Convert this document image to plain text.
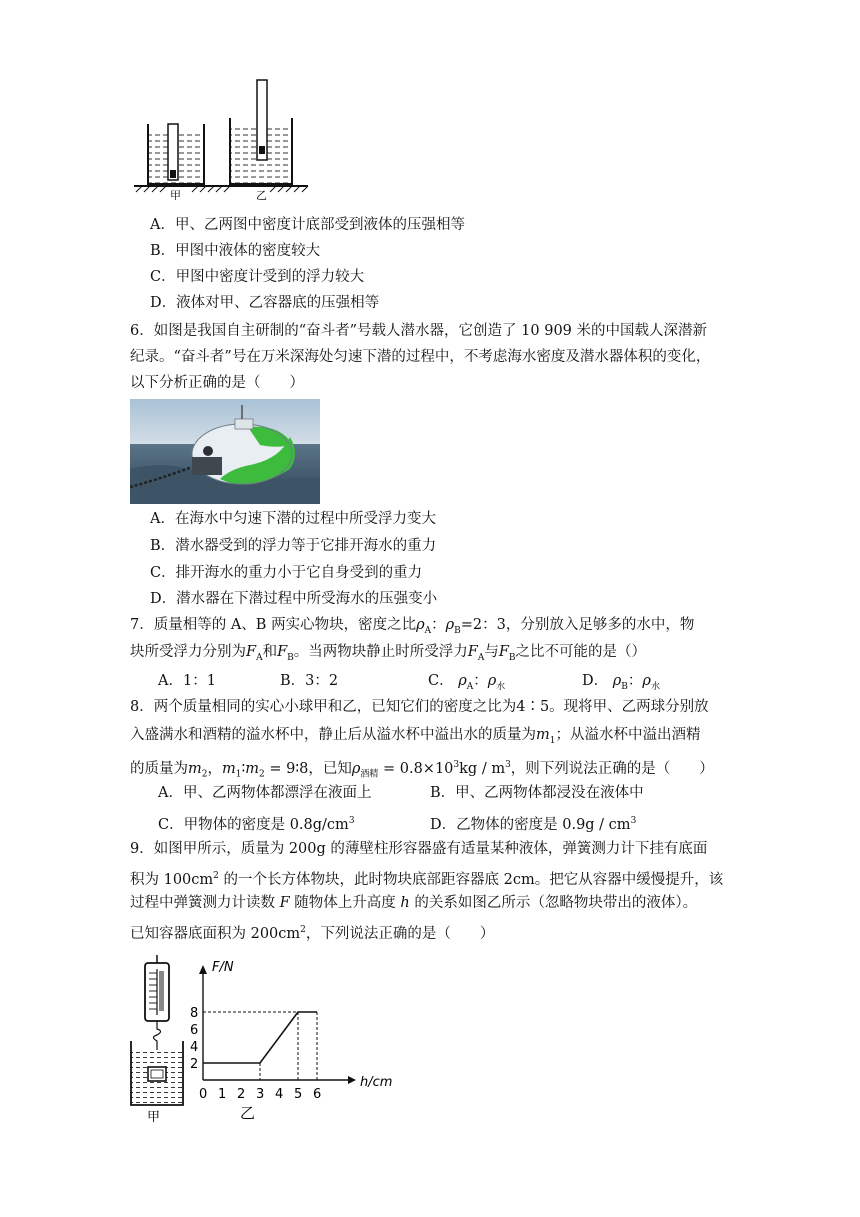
甲	乙
A．甲、乙两图中密度计底部受到液体的压强相等
B．甲图中液体的密度较大
C．甲图中密度计受到的浮力较大
D．液体对甲、乙容器底的压强相等
6．如图是我国自主研制的“奋斗者”号载人潜水器，它创造了 10 909 米的中国载人深潜新
纪录。“奋斗者”号在万米深海处匀速下潜的过程中，不考虑海水密度及潜水器体积的变化，
以下分析正确的是（　　）
A．在海水中匀速下潜的过程中所受浮力变大
B．潜水器受到的浮力等于它排开海水的重力
C．排开海水的重力小于它自身受到的重力
D．潜水器在下潜过程中所受海水的压强变小
7．质量相等的 A、B 两实心物块，密度之比$\rho_A$：$\rho_B=2$：3，分别放入足够多的水中，物
块所受浮力分别为$F_A$和$F_B$。当两物块静止时所受浮力$F_A$与$F_B$之比不可能的是（）
A．1：1	B．3：2	C． $\rho_A$：$\rho_水$	D． $\rho_B$：$\rho_水$
8．两个质量相同的实心小球甲和乙，已知它们的密度之比为4∶5。现将甲、乙两球分别放
入盛满水和酒精的溢水杯中，静止后从溢水杯中溢出水的质量为$m_1$；从溢水杯中溢出酒精
的质量为$m_2$，$m_1∶m_2$ = 9∶8，已知$\rho_{酒精} = 0.8\times 10^3kg / m^3$，则下列说法正确的是（　　）
A．甲、乙两物体都漂浮在液面上	B．甲、乙两物体都浸没在液体中
C．甲物体的密度是 $0.8g/cm^3$	D．乙物体的密度是 $0.9g / cm^3$
9．如图甲所示，质量为 200g 的薄壁柱形容器盛有适量某种液体，弹簧测力计下挂有底面
积为 $100cm^2$ 的一个长方体物块，此时物块底部距容器底 2cm。把它从容器中缓慢提升，该
过程中弹簧测力计读数 F 随物体上升高度 h 的关系如图乙所示（忽略物块带出的液体）。
已知容器底面积为 $200cm^2$，下列说法正确的是（　　）
甲
0 1 2 3 4 5 6
2
4
6
8
F/N
h/cm
乙
